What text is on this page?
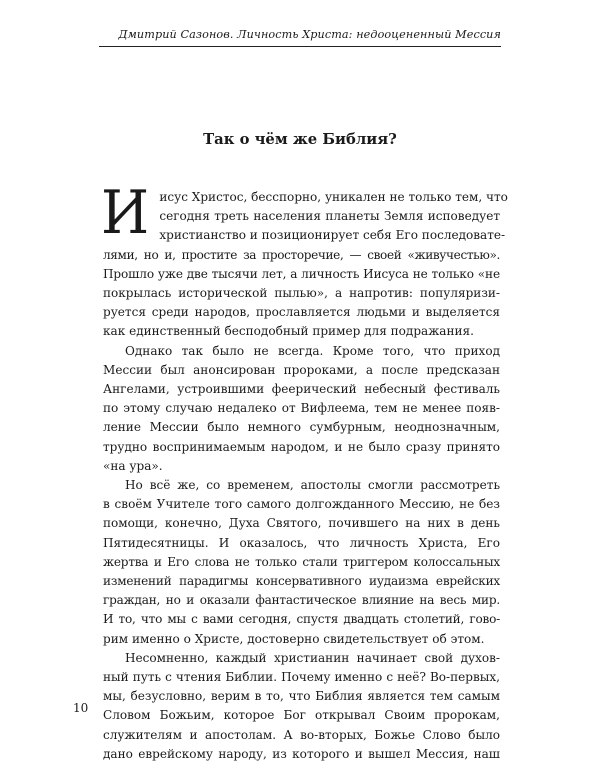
Дмитрий Сазонов. Личность Христа: недооцененный Мессия
Так о чём же Библия?
И исус Христос, бесспорно, уникален не только тем, что
сегодня треть населения планеты Земля исповедует
христианство и позиционирует себя Его последовате-
лями, но и, простите за просторечие, — своей «живучестью».
Прошло уже две тысячи лет, а личность Иисуса не только «не
покрылась исторической пылью», а напротив: популяризи-
руется среди народов, прославляется людьми и выделяется
как единственный бесподобный пример для подражания.
Однако так было не всегда. Кроме того, что приход
Мессии был анонсирован пророками, а после предсказан
Ангелами, устроившими феерический небесный фестиваль
по этому случаю недалеко от Вифлеема, тем не менее появ-
ление Мессии было немного сумбурным, неоднозначным,
трудно воспринимаемым народом, и не было сразу принято
«на ура».
Но всё же, со временем, апостолы смогли рассмотреть
в своём Учителе того самого долгожданного Мессию, не без
помощи, конечно, Духа Святого, почившего на них в день
Пятидесятницы. И оказалось, что личность Христа, Его
жертва и Его слова не только стали триггером колоссальных
изменений парадигмы консервативного иудаизма еврейских
граждан, но и оказали фантастическое влияние на весь мир.
И то, что мы с вами сегодня, спустя двадцать столетий, гово-
рим именно о Христе, достоверно свидетельствует об этом.
Несомненно, каждый христианин начинает свой духов-
ный путь с чтения Библии. Почему именно с неё? Во-первых,
мы, безусловно, верим в то, что Библия является тем самым
Словом Божьим, которое Бог открывал Своим пророкам,
служителям и апостолам. А во-вторых, Божье Слово было
дано еврейскому народу, из которого и вышел Мессия, наш
10
